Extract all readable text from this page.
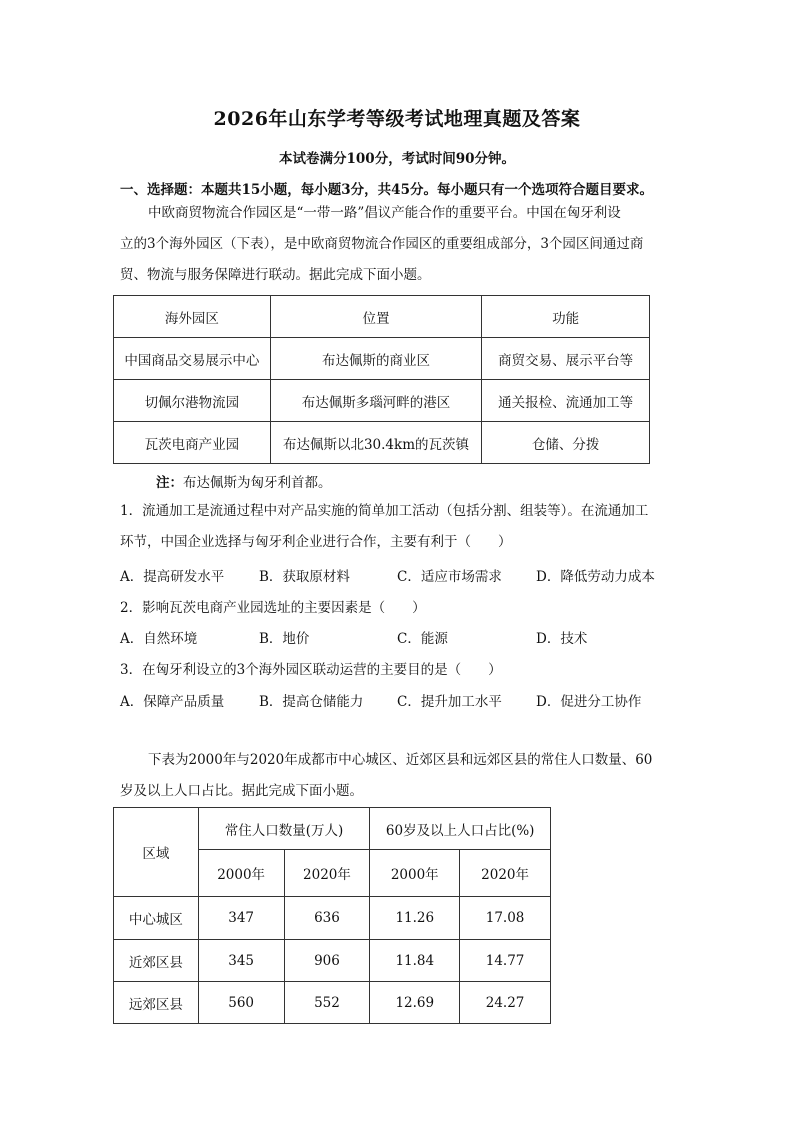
2026年山东学考等级考试地理真题及答案
本试卷满分100分，考试时间90分钟。
一、选择题：本题共15小题，每小题3分，共45分。每小题只有一个选项符合题目要求。
中欧商贸物流合作园区是“一带一路”倡议产能合作的重要平台。中国在匈牙利设
立的3个海外园区（下表），是中欧商贸物流合作园区的重要组成部分，3个园区间通过商
贸、物流与服务保障进行联动。据此完成下面小题。
海外园区	位置	功能
中国商品交易展示中心	布达佩斯的商业区	商贸交易、展示平台等
切佩尔港物流园	布达佩斯多瑙河畔的港区	通关报检、流通加工等
瓦茨电商产业园	布达佩斯以北30.4km的瓦茨镇	仓储、分拨
注：布达佩斯为匈牙利首都。
1．流通加工是流通过程中对产品实施的简单加工活动（包括分割、组装等）。在流通加工
环节，中国企业选择与匈牙利企业进行合作，主要有利于（　　）
A．提高研发水平	B．获取原材料	C．适应市场需求	D．降低劳动力成本
2．影响瓦茨电商产业园选址的主要因素是（　　）
A．自然环境	B．地价	C．能源	D．技术
3．在匈牙利设立的3个海外园区联动运营的主要目的是（　　）
A．保障产品质量	B．提高仓储能力 C．提升加工水平	D．促进分工协作
下表为2000年与2020年成都市中心城区、近郊区县和远郊区县的常住人口数量、60
岁及以上人口占比。据此完成下面小题。
区域	常住人口数量(万人)		60岁及以上人口占比(%)	
	2000年	2020年	2000年	2020年
中心城区	347	636	11.26	17.08
近郊区县	345	906	11.84	14.77
远郊区县	560	552	12.69	24.27
